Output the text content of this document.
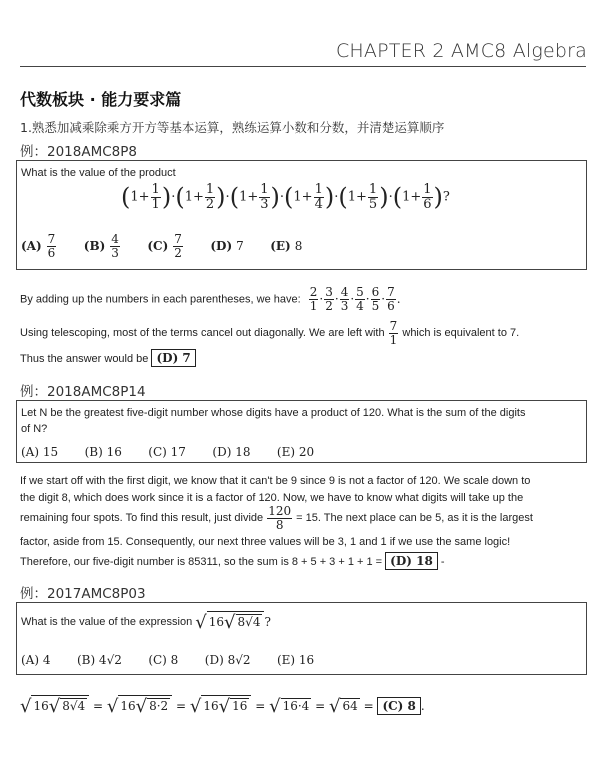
CHAPTER 2 AMC8 Algebra
代数板块 · 能力要求篇
1.熟悉加减乘除乘方开方等基本运算，熟练运算小数和分数，并清楚运算顺序
例：2018AMC8P8
What is the value of the product
$(1+ \frac{1}{1} )\cdot(1+ \frac{1}{2} )\cdot(1+ \frac{1}{3} )\cdot(1+ \frac{1}{4} )\cdot(1+ \frac{1}{5} )\cdot(1+ \frac{1}{6}$ )?
$(A) \frac{7}{6} (B) \frac{4}{3} (C) \frac{7}{2} (D)$ 7 (E) 8
By adding up the numbers in each parentheses, we have: $\frac{2}{1} \cdot \frac{3}{2} \cdot \frac{4}{3} \cdot \frac{5}{4} \cdot \frac{6}{5} \cdot \frac{7}{6}$ .
Using telescoping, most of the terms cancel out diagonally. We are left with $\frac{7}{1}$ which is equivalent to 7.
Thus the answer would be (D) 7
例：2018AMC8P14
Let N be the greatest five-digit number whose digits have a product of 120. What is the sum of the digits
of N?
(A) 15 (B) 16 (C) 17 (D) 18 (E) 20
If we start off with the first digit, we know that it can't be 9 since 9 is not a factor of 120. We scale down to
the digit 8, which does work since it is a factor of 120. Now, we have to know what digits will take up the
remaining four spots. To find this result, just divide $\frac{120}{8} = 15$. The next place can be 5, as it is the largest
factor, aside from 15. Consequently, our next three values will be 3, 1 and 1 if we use the same logic!
Therefore, our five-digit number is 85311, so the sum is 8 + 5 + 3 + 1 + 1 = (D) 18 -
例：2017AMC8P03
What is the value of the expression √ 16√ 8√4 ?
(A) 4 (B) 4√2 (C) 8 (D) 8√2 (E) 16
√ 16√ 8√4 = √ 16√ 8·2 = √ 16√ 16 = √ 16·4 = √ 64 = (C) 8 .
